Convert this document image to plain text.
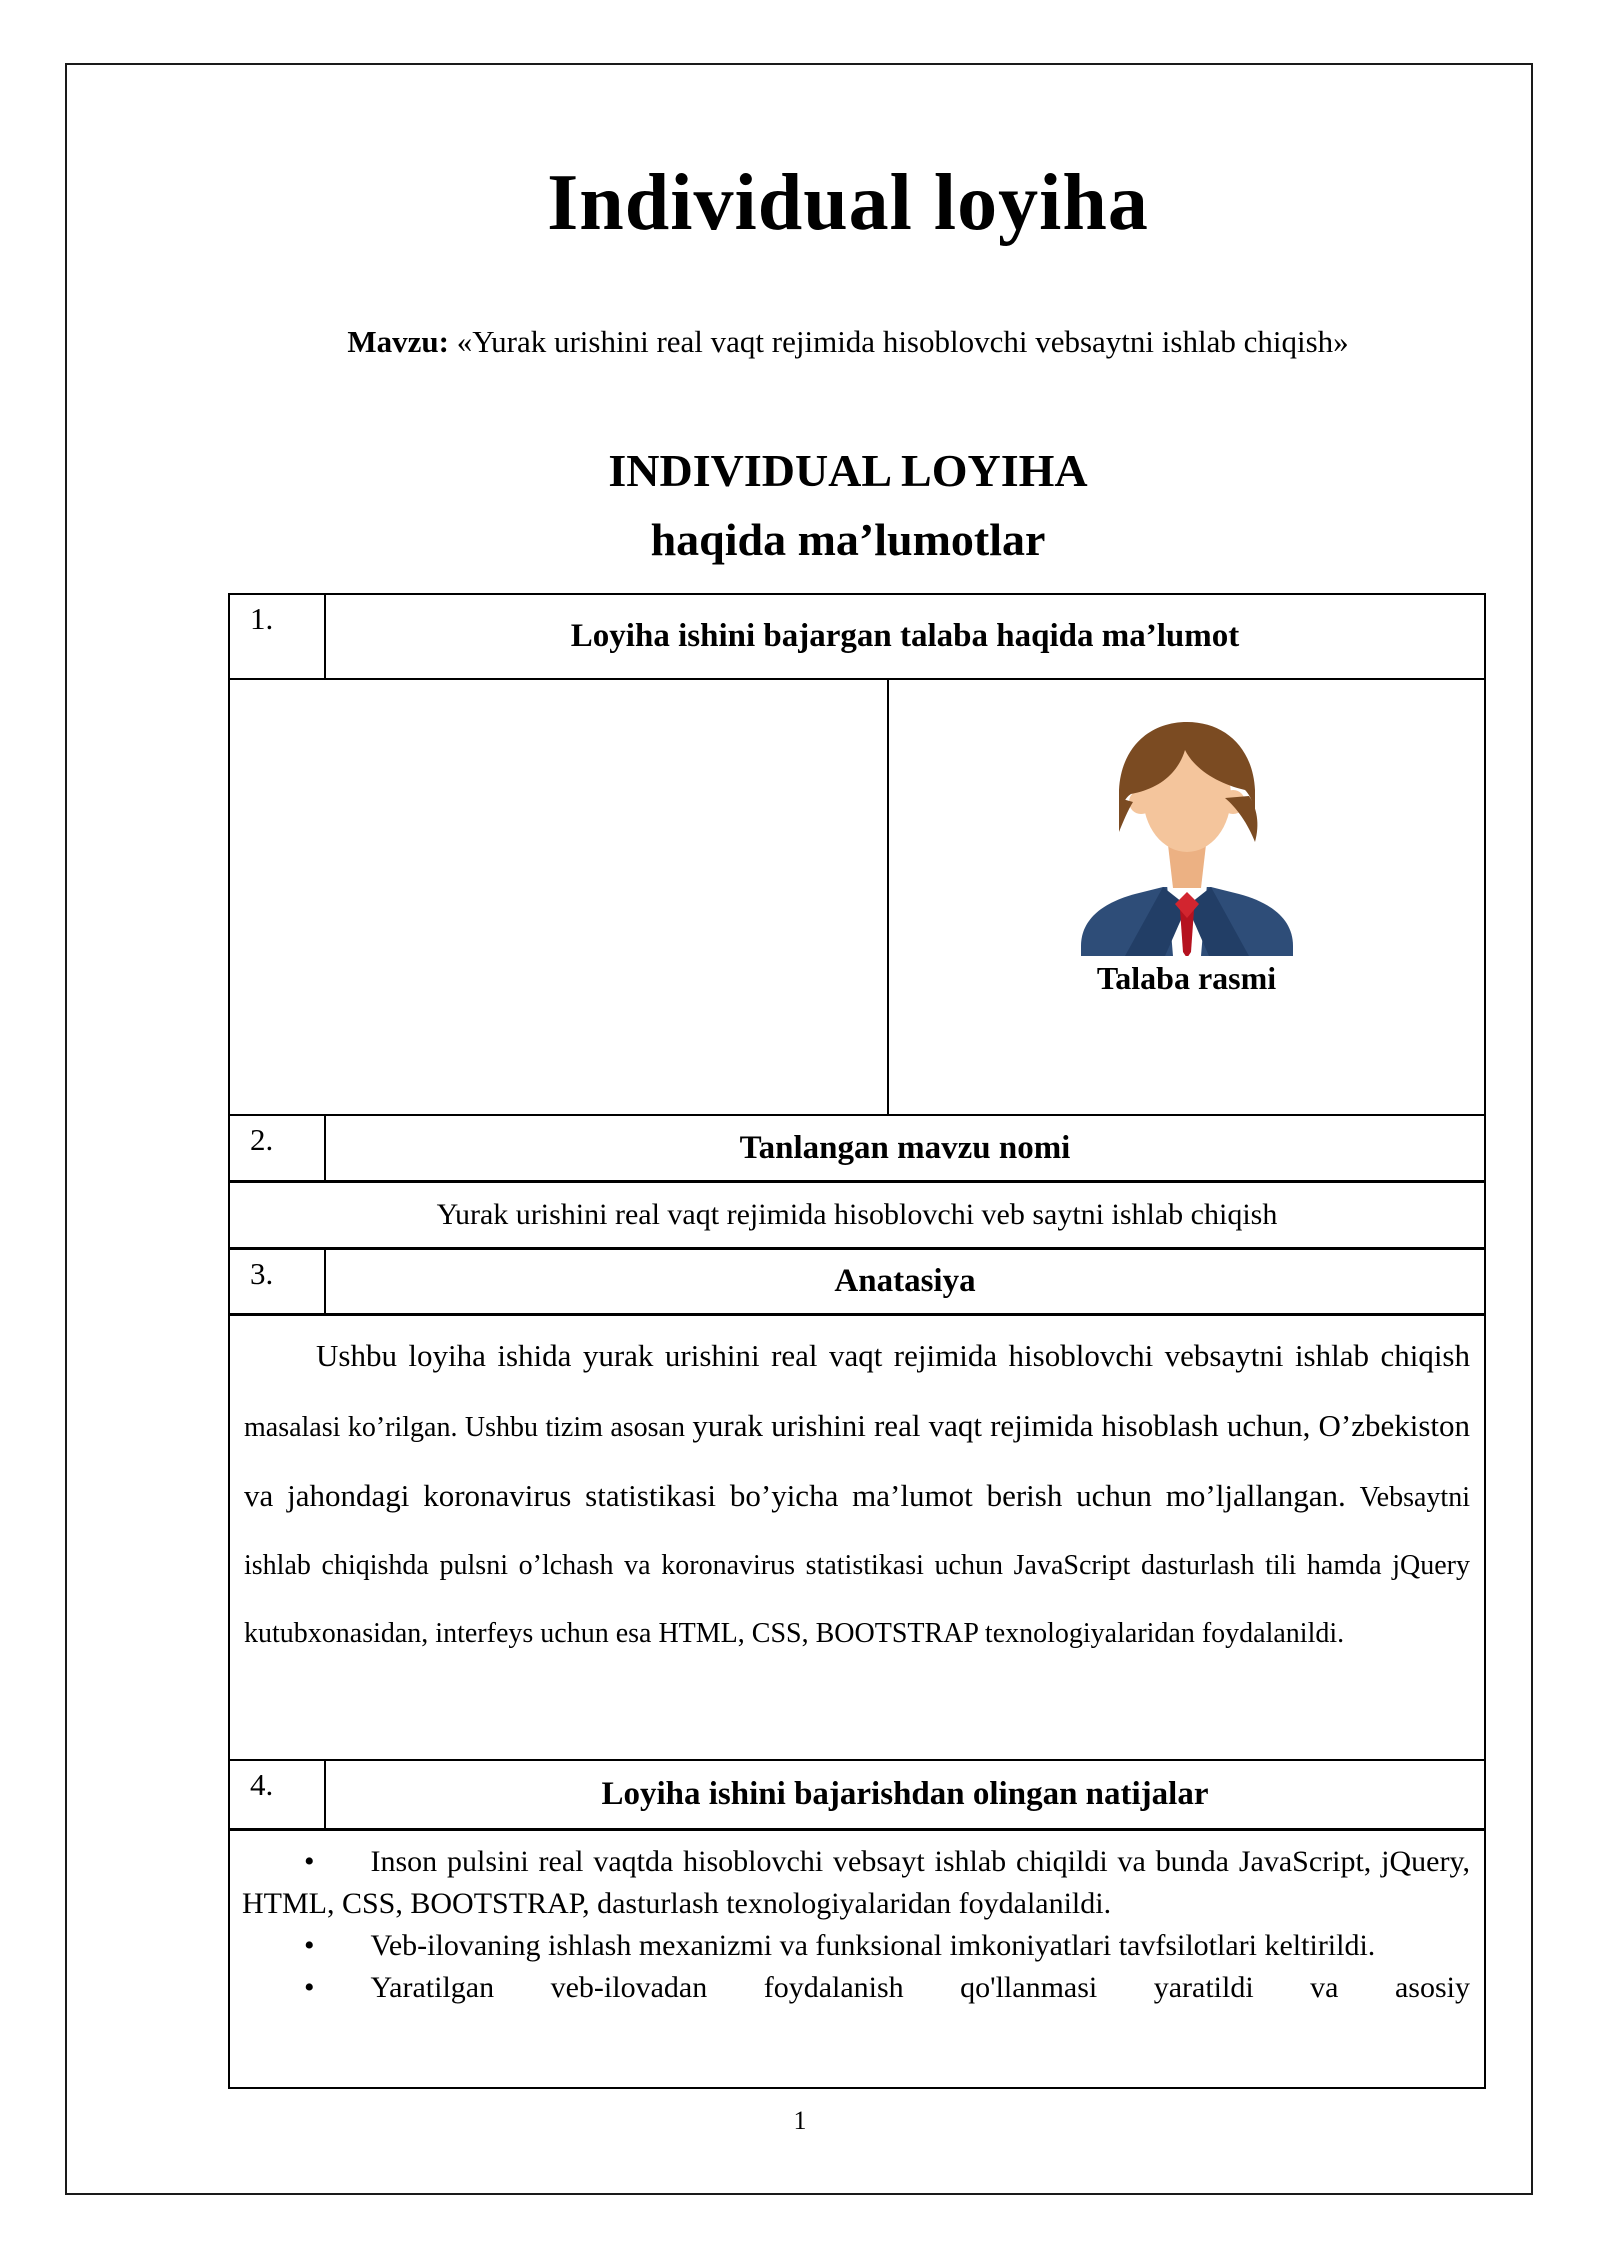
Individual loyiha
Mavzu: «Yurak urishini real vaqt rejimida hisoblovchi vebsaytni ishlab chiqish»
INDIVIDUAL LOYIHA
haqida ma’lumotlar
1.	Loyiha ishini bajargan talaba haqida ma’lumot
Talaba rasmi
2.	Tanlangan mavzu nomi
Yurak urishini real vaqt rejimida hisoblovchi veb saytni ishlab chiqish
3.	Anatasiya
Ushbu loyiha ishida yurak urishini real vaqt rejimida hisoblovchi vebsaytni ishlab chiqish masalasi ko’rilgan. Ushbu tizim asosan yurak urishini real vaqt rejimida hisoblash uchun, O’zbekiston va jahondagi koronavirus statistikasi bo’yicha ma’lumot berish uchun mo’ljallangan. Vebsaytni ishlab chiqishda pulsni o’lchash va koronavirus statistikasi uchun JavaScript dasturlash tili hamda jQuery kutubxonasidan, interfeys uchun esa HTML, CSS, BOOTSTRAP texnologiyalaridan foydalanildi.
4.	Loyiha ishini bajarishdan olingan natijalar
• Inson pulsini real vaqtda hisoblovchi vebsayt ishlab chiqildi va bunda JavaScript, jQuery, HTML, CSS, BOOTSTRAP, dasturlash texnologiyalaridan foydalanildi.
• Veb-ilovaning ishlash mexanizmi va funksional imkoniyatlari tavfsilotlari keltirildi.
• Yaratilgan veb-ilovadan foydalanish qo'llanmasi yaratildi va asosiy
1
